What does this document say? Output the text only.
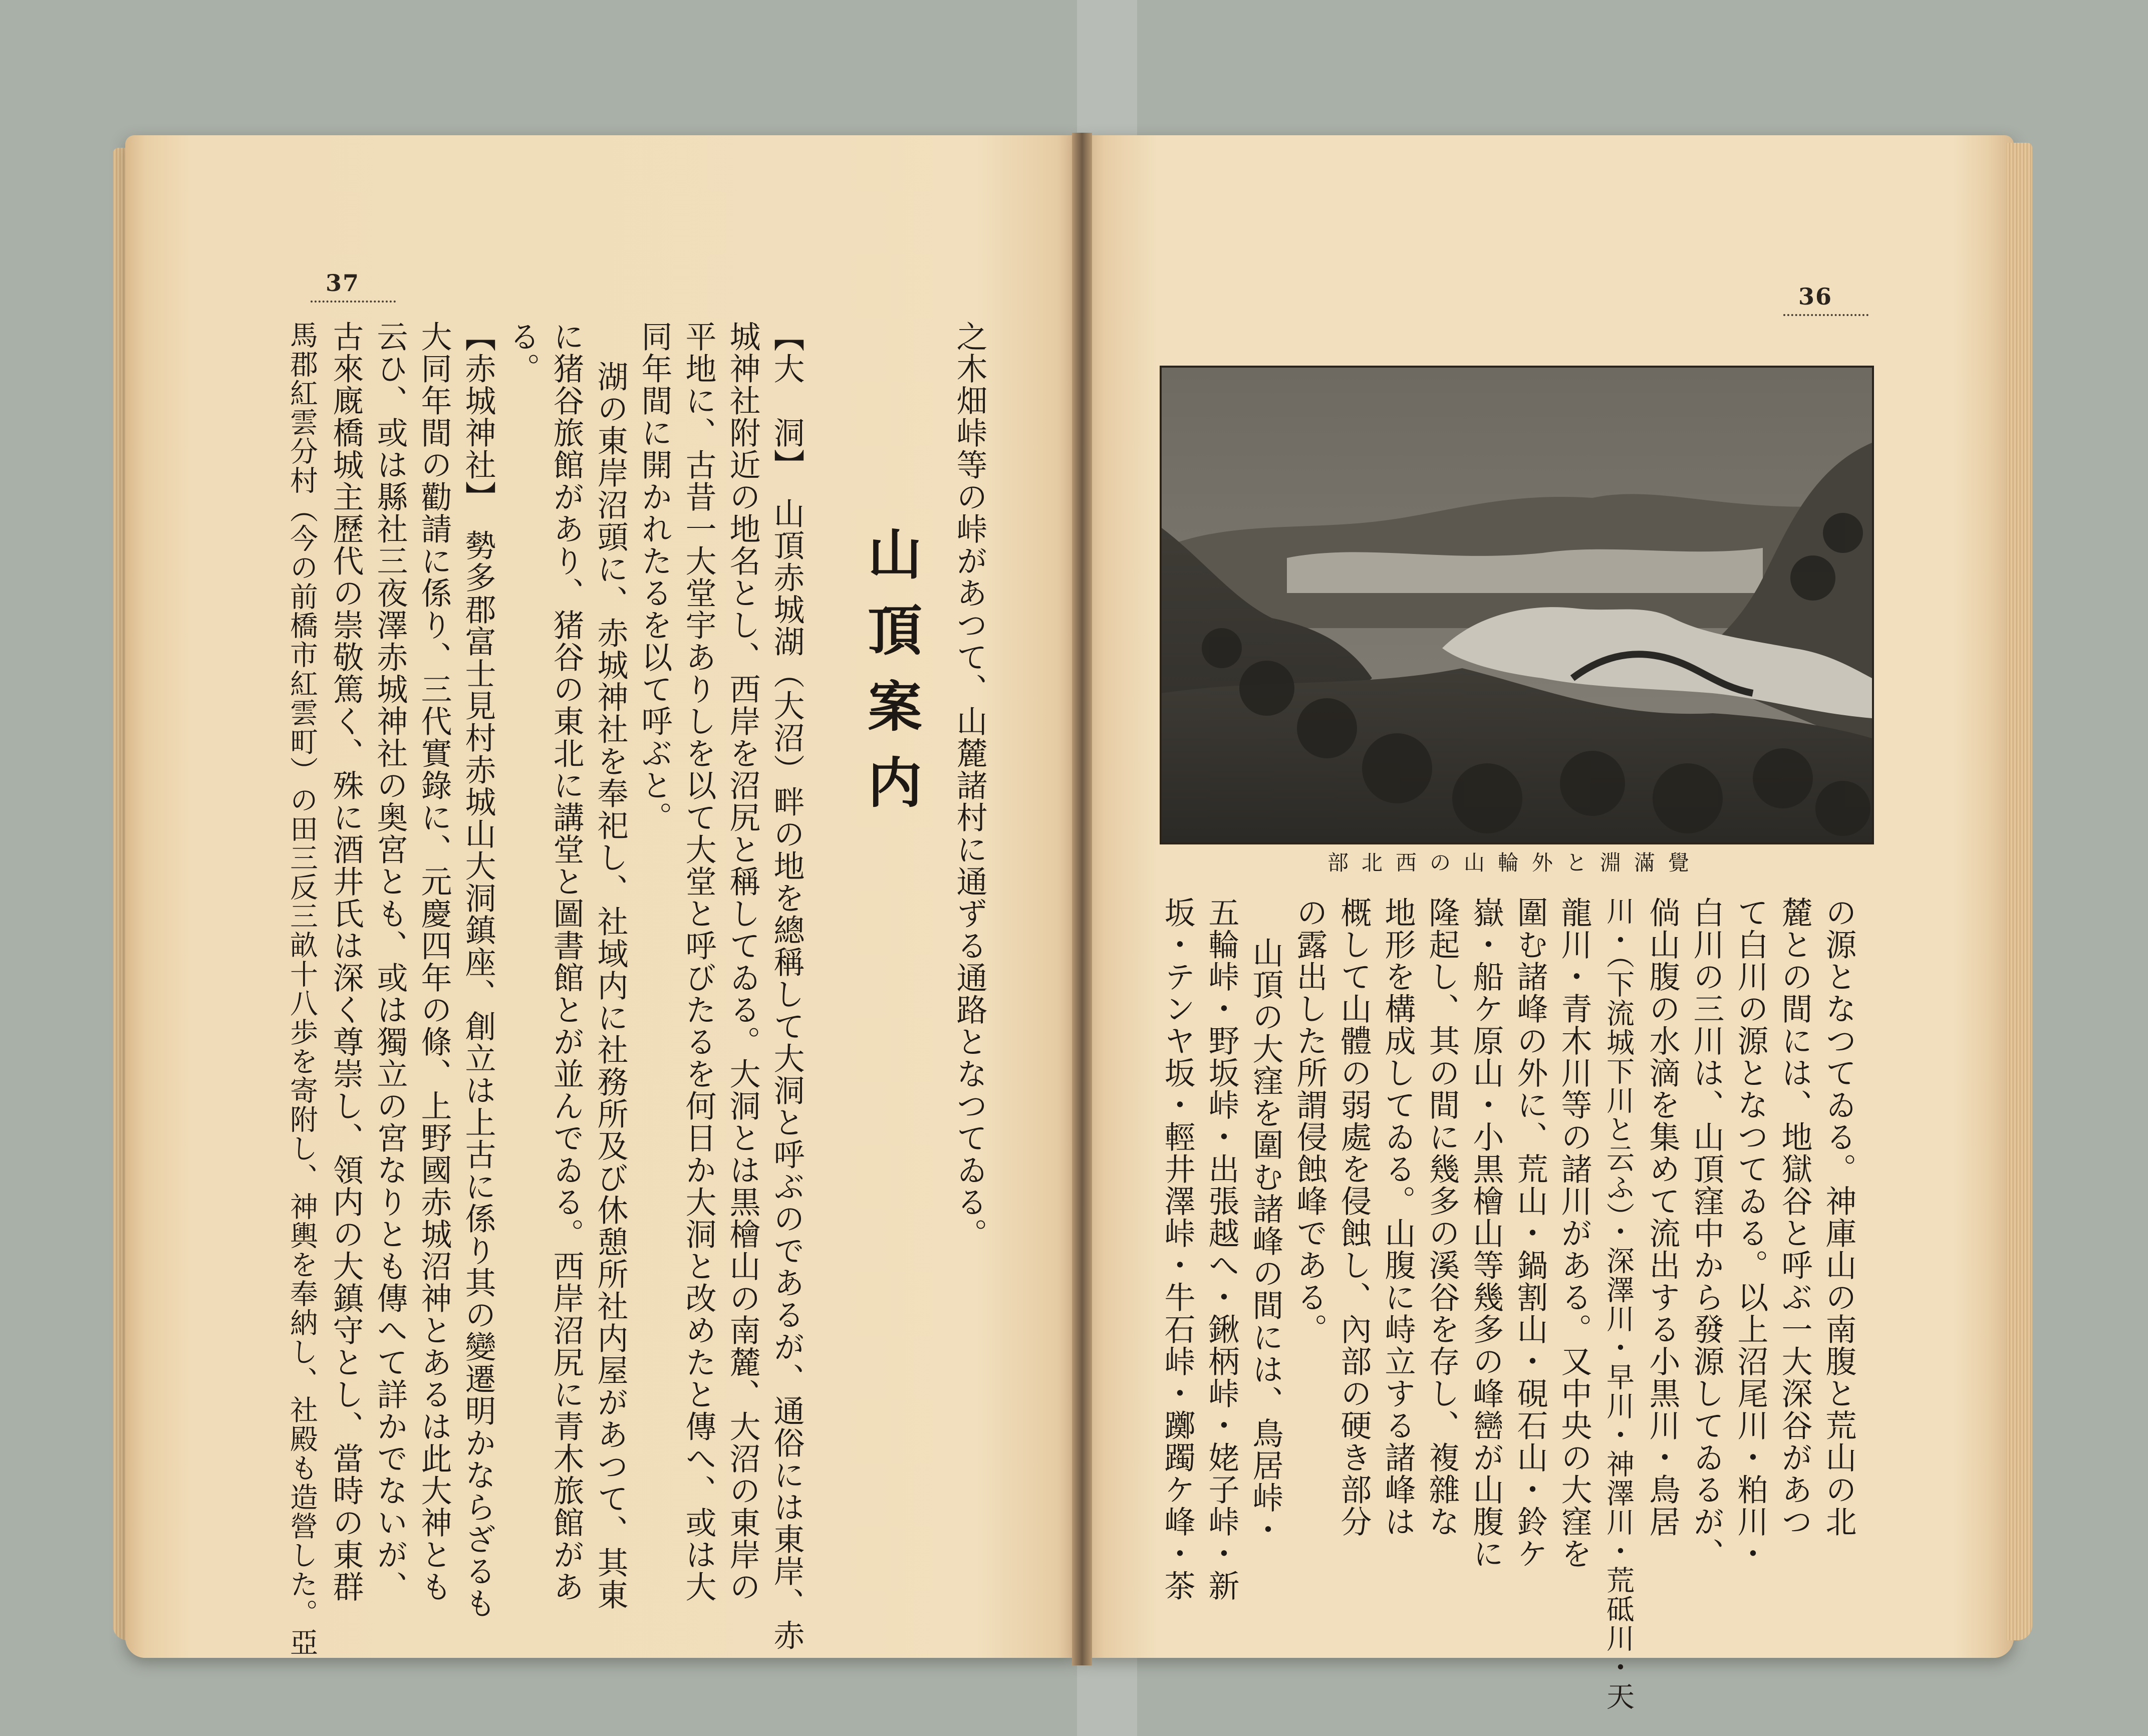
37
之木畑峠等の峠があつて、山麓諸村に通ずる通路となつてゐる。
山頂案内
【大　洞】　山頂赤城湖（大沼）畔の地を總稱して大洞と呼ぶのであるが、通俗には東岸、赤
城神社附近の地名とし、西岸を沼尻と稱してゐる。大洞とは黒檜山の南麓、大沼の東岸の
平地に、古昔一大堂宇ありしを以て大堂と呼びたるを何日か大洞と改めたと傳へ、或は大
同年間に開かれたるを以て呼ぶと。
湖の東岸沼頭に、赤城神社を奉祀し、社域内に社務所及び休憩所社内屋があつて、其東
に猪谷旅館があり、猪谷の東北に講堂と圖書館とが並んでゐる。西岸沼尻に青木旅館があ
る。
【赤城神社】　勢多郡富士見村赤城山大洞鎮座、創立は上古に係り其の變遷明かならざるも
大同年間の勸請に係り、三代實錄に、元慶四年の條、上野國赤城沼神とあるは此大神とも
云ひ、或は縣社三夜澤赤城神社の奥宮とも、或は獨立の宮なりとも傳へて詳かでないが、
古來廐橋城主歷代の崇敬篤く、殊に酒井氏は深く尊崇し、領内の大鎮守とし、當時の東群
馬郡紅雲分村（今の前橋市紅雲町）の田三反三畝十八歩を寄附し、神輿を奉納し、社殿も造營した。亞
36
覺滿淵と外輪山の西北部
の源となつてゐる。神庫山の南腹と荒山の北
麓との間には、地獄谷と呼ぶ一大深谷があつ
て白川の源となつてゐる。以上沼尾川・粕川・
白川の三川は、山頂窪中から發源してゐるが、
倘山腹の水滴を集めて流出する小黒川・鳥居
川・（下流城下川と云ふ）・深澤川・早川・神澤川・荒砥川・天
龍川・青木川等の諸川がある。又中央の大窪を
圍む諸峰の外に、荒山・鍋割山・硯石山・鈴ケ
嶽・船ケ原山・小黒檜山等幾多の峰巒が山腹に
隆起し、其の間に幾多の溪谷を存し、複雜な
地形を構成してゐる。山腹に峙立する諸峰は
概して山體の弱處を侵蝕し、內部の硬き部分
の露出した所謂侵蝕峰である。
山頂の大窪を圍む諸峰の間には、鳥居峠・
五輪峠・野坂峠・出張越へ・鍬柄峠・姥子峠・新
坂・テンヤ坂・輕井澤峠・牛石峠・躑躅ケ峰・茶
